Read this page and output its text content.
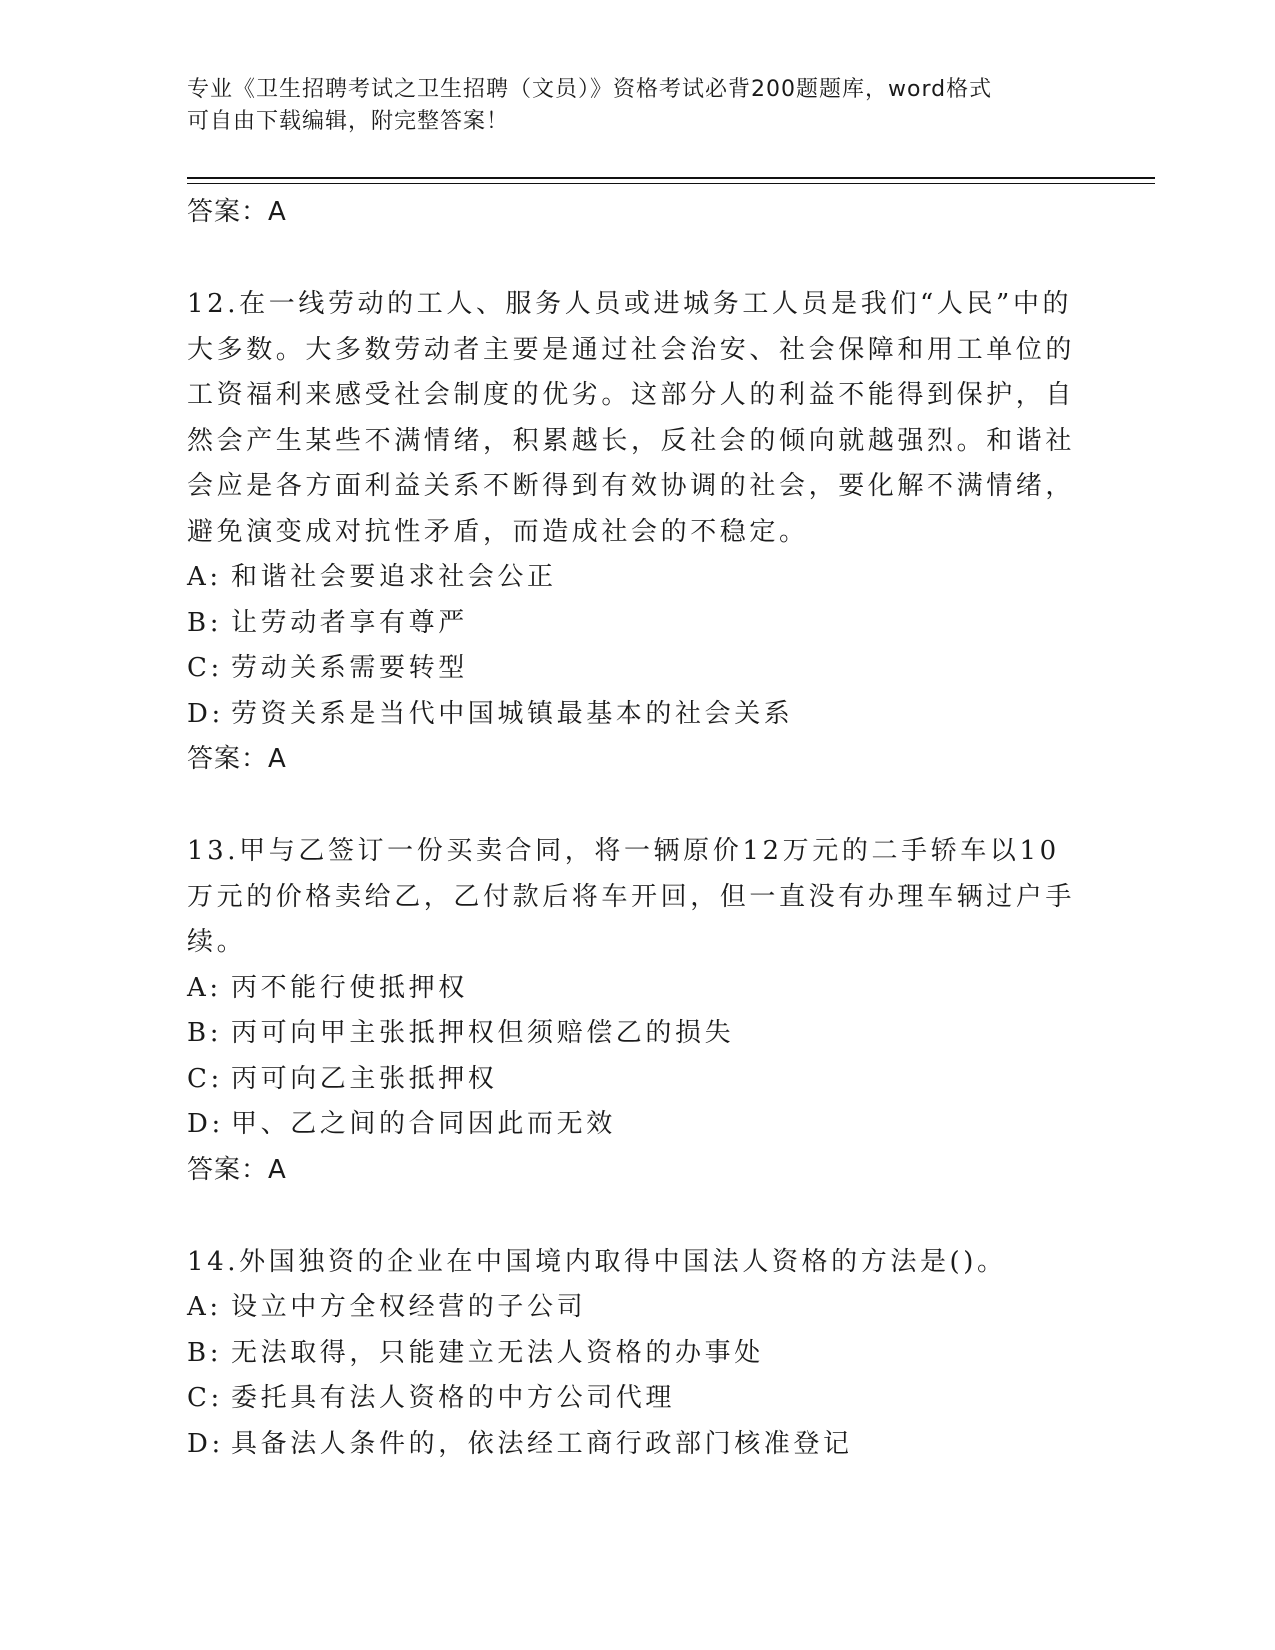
专业《卫生招聘考试之卫生招聘（文员）》资格考试必背200题题库，word格式
可自由下载编辑，附完整答案！
答案：A
12.在一线劳动的工人、服务人员或进城务工人员是我们“人民”中的大多数。大多数劳动者主要是通过社会治安、社会保障和用工单位的工资福利来感受社会制度的优劣。这部分人的利益不能得到保护，自然会产生某些不满情绪，积累越长，反社会的倾向就越强烈。和谐社会应是各方面利益关系不断得到有效协调的社会，要化解不满情绪，避免演变成对抗性矛盾，而造成社会的不稳定。
A: 和谐社会要追求社会公正
B: 让劳动者享有尊严
C: 劳动关系需要转型
D: 劳资关系是当代中国城镇最基本的社会关系
答案：A
13.甲与乙签订一份买卖合同，将一辆原价12万元的二手轿车以10万元的价格卖给乙，乙付款后将车开回，但一直没有办理车辆过户手续。
A: 丙不能行使抵押权
B: 丙可向甲主张抵押权但须赔偿乙的损失
C: 丙可向乙主张抵押权
D: 甲、乙之间的合同因此而无效
答案：A
14.外国独资的企业在中国境内取得中国法人资格的方法是()。
A: 设立中方全权经营的子公司
B: 无法取得，只能建立无法人资格的办事处
C: 委托具有法人资格的中方公司代理
D: 具备法人条件的，依法经工商行政部门核准登记
